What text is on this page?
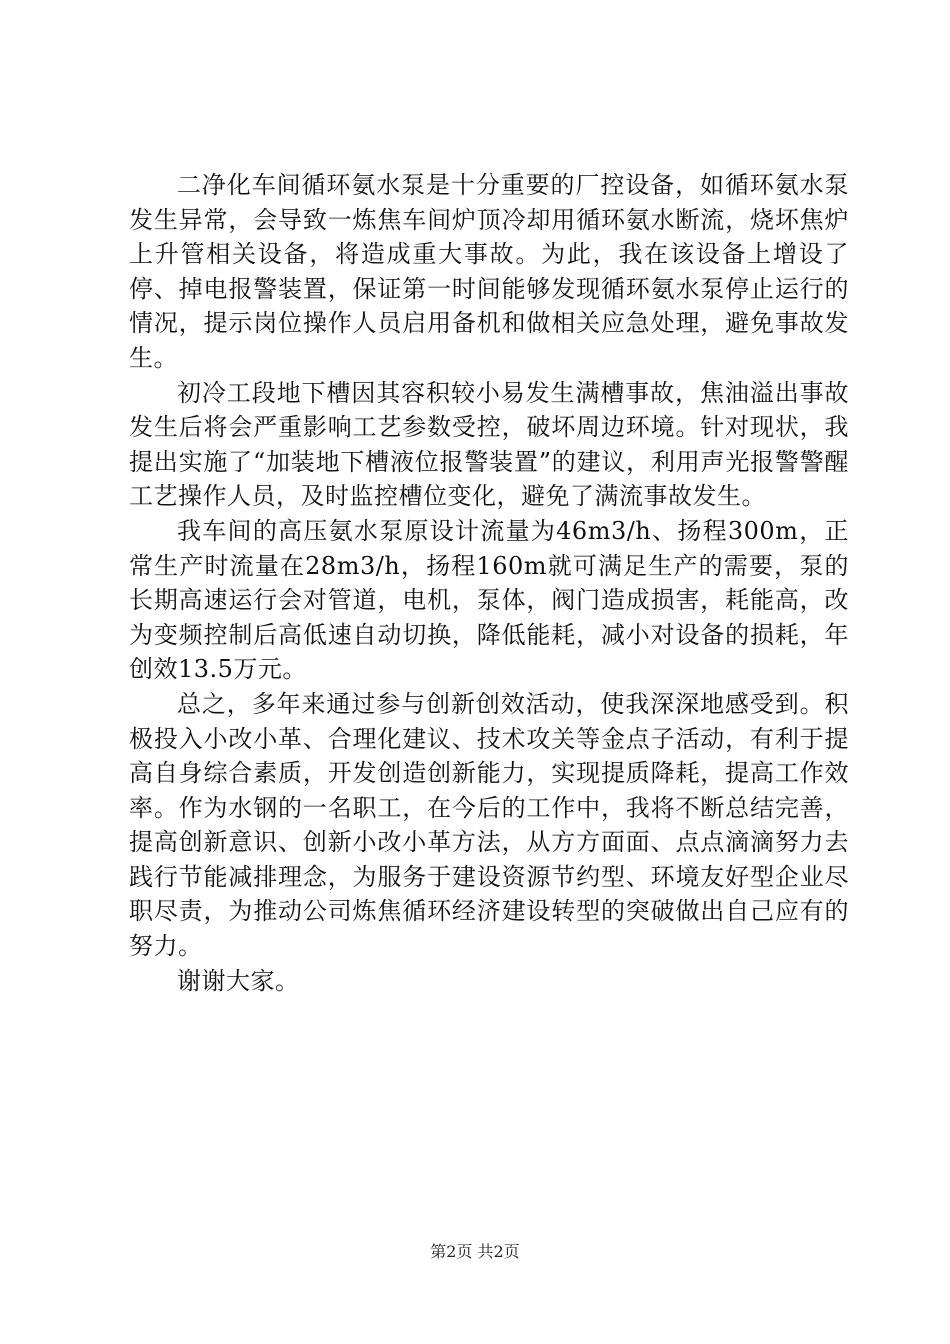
二净化车间循环氨水泵是十分重要的厂控设备，如循环氨水泵发生异常，会导致一炼焦车间炉顶冷却用循环氨水断流，烧坏焦炉上升管相关设备，将造成重大事故。为此，我在该设备上增设了停、掉电报警装置，保证第一时间能够发现循环氨水泵停止运行的情况，提示岗位操作人员启用备机和做相关应急处理，避免事故发生。

初冷工段地下槽因其容积较小易发生满槽事故，焦油溢出事故发生后将会严重影响工艺参数受控，破坏周边环境。针对现状，我提出实施了“加装地下槽液位报警装置”的建议，利用声光报警警醒工艺操作人员，及时监控槽位变化，避免了满流事故发生。

我车间的高压氨水泵原设计流量为46m3/h、扬程300m，正常生产时流量在28m3/h，扬程160m就可满足生产的需要，泵的长期高速运行会对管道，电机，泵体，阀门造成损害，耗能高，改为变频控制后高低速自动切换，降低能耗，减小对设备的损耗，年创效13.5万元。

总之，多年来通过参与创新创效活动，使我深深地感受到。积极投入小改小革、合理化建议、技术攻关等金点子活动，有利于提高自身综合素质，开发创造创新能力，实现提质降耗，提高工作效率。作为水钢的一名职工，在今后的工作中，我将不断总结完善，提高创新意识、创新小改小革方法，从方方面面、点点滴滴努力去践行节能减排理念，为服务于建设资源节约型、环境友好型企业尽职尽责，为推动公司炼焦循环经济建设转型的突破做出自己应有的努力。

谢谢大家。

第2页 共2页
